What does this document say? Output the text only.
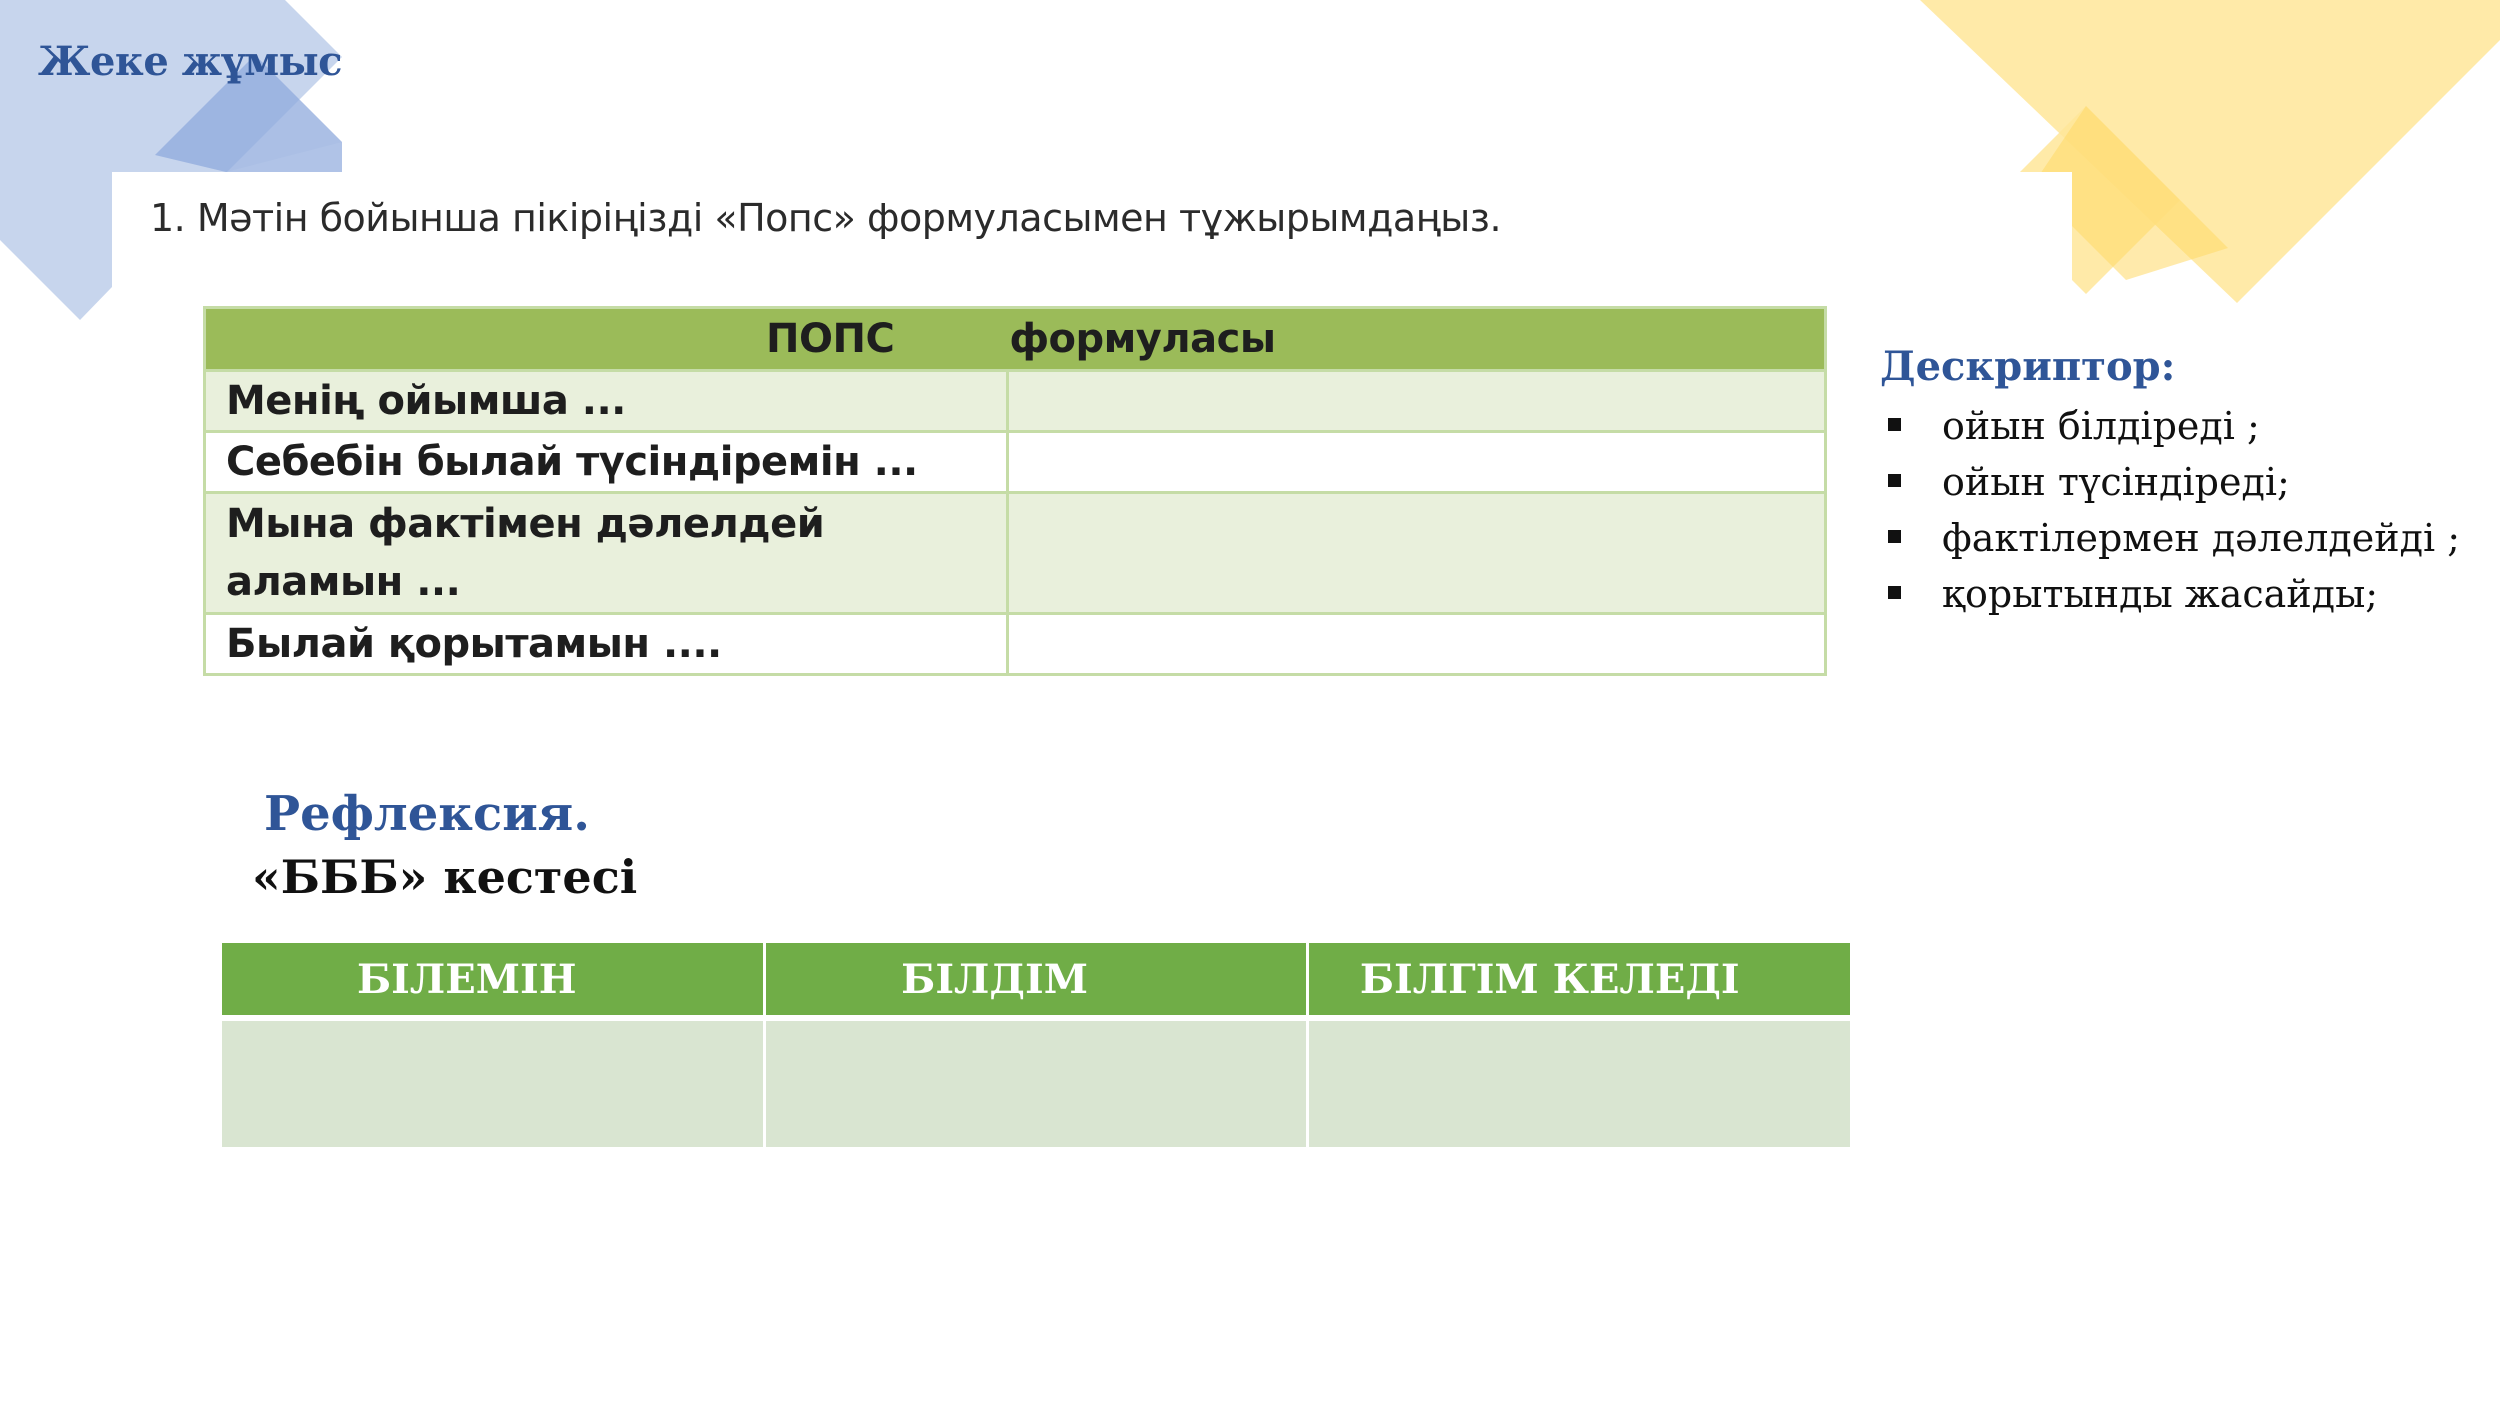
Жеке жұмыс
1. Мәтін бойынша пікіріңізді «Попс» формуласымен тұжырымдаңыз.
ПОПС формуласы	
Менің ойымша ...	
Себебін былай түсіндіремін ...	
Мына фактімен дәлелдей
аламын ...	
Былай қорытамын ....	
Дескриптор:
ойын білдіреді ;
ойын түсіндіреді;
фактілермен дәлелдейді ;
қорытынды жасайды;
Рефлексия.
«БББ» кестесі
БІЛЕМІН	БІЛДІМ	БІЛГІМ КЕЛЕДІ
